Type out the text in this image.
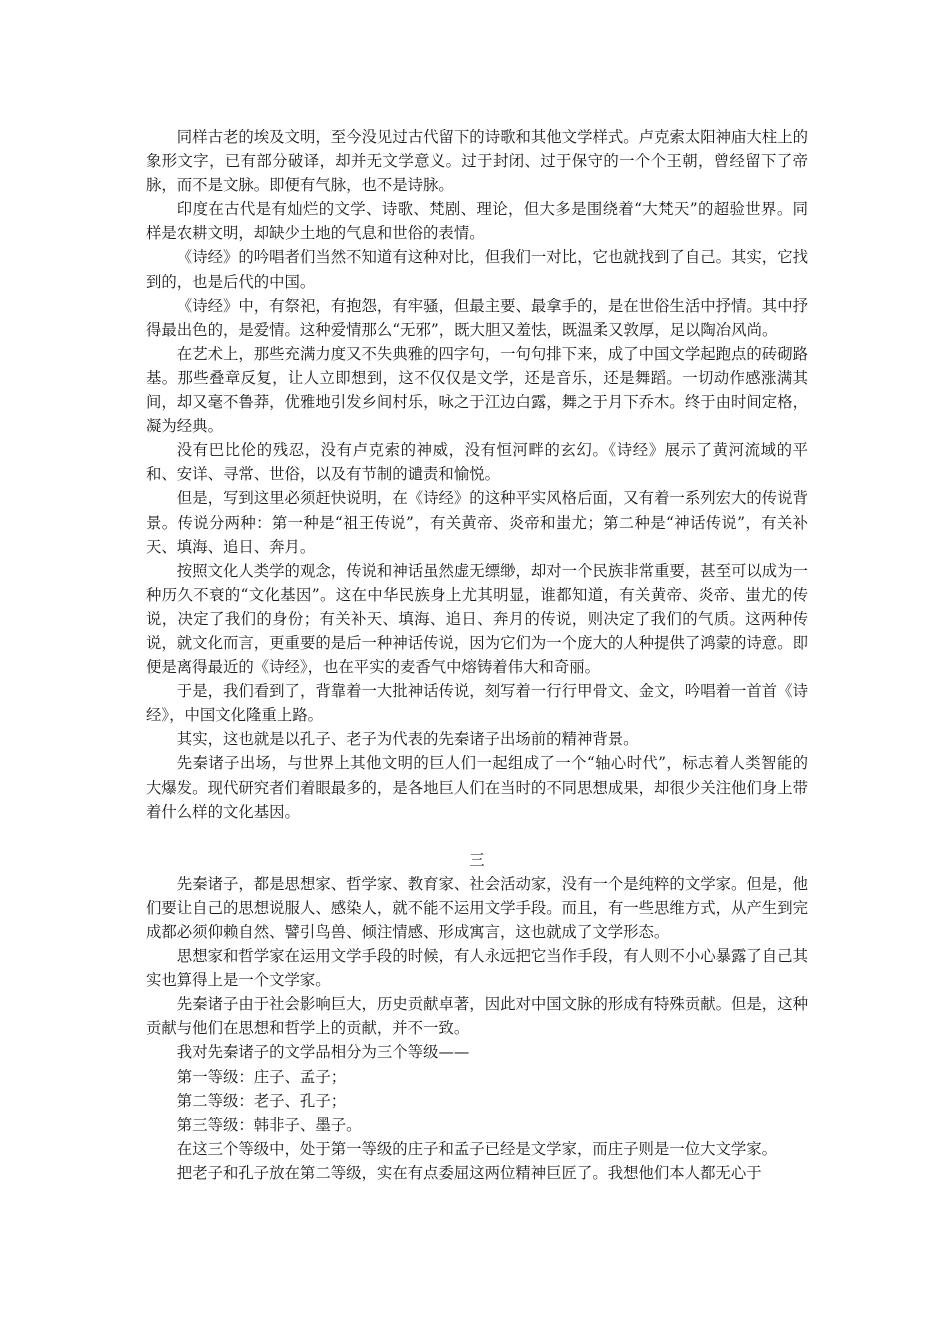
同样古老的埃及文明，至今没见过古代留下的诗歌和其他文学样式。卢克索太阳神庙大柱上的象形文字，已有部分破译，却并无文学意义。过于封闭、过于保守的一个个王朝，曾经留下了帝脉，而不是文脉。即便有气脉，也不是诗脉。

印度在古代是有灿烂的文学、诗歌、梵剧、理论，但大多是围绕着“大梵天”的超验世界。同样是农耕文明，却缺少土地的气息和世俗的表情。

《诗经》的吟唱者们当然不知道有这种对比，但我们一对比，它也就找到了自己。其实，它找到的，也是后代的中国。

《诗经》中，有祭祀，有抱怨，有牢骚，但最主要、最拿手的，是在世俗生活中抒情。其中抒得最出色的，是爱情。这种爱情那么“无邪”，既大胆又羞怯，既温柔又敦厚，足以陶冶风尚。

在艺术上，那些充满力度又不失典雅的四字句，一句句排下来，成了中国文学起跑点的砖砌路基。那些叠章反复，让人立即想到，这不仅仅是文学，还是音乐，还是舞蹈。一切动作感涨满其间，却又毫不鲁莽，优雅地引发乡间村乐，咏之于江边白露，舞之于月下乔木。终于由时间定格，凝为经典。

没有巴比伦的残忍，没有卢克索的神威，没有恒河畔的玄幻。《诗经》展示了黄河流域的平和、安详、寻常、世俗，以及有节制的谴责和愉悦。

但是，写到这里必须赶快说明，在《诗经》的这种平实风格后面，又有着一系列宏大的传说背景。传说分两种：第一种是“祖王传说”，有关黄帝、炎帝和蚩尤；第二种是“神话传说”，有关补天、填海、追日、奔月。

按照文化人类学的观念，传说和神话虽然虚无缥缈，却对一个民族非常重要，甚至可以成为一种历久不衰的“文化基因”。这在中华民族身上尤其明显，谁都知道，有关黄帝、炎帝、蚩尤的传说，决定了我们的身份；有关补天、填海、追日、奔月的传说，则决定了我们的气质。这两种传说，就文化而言，更重要的是后一种神话传说，因为它们为一个庞大的人种提供了鸿蒙的诗意。即便是离得最近的《诗经》，也在平实的麦香气中熔铸着伟大和奇丽。

于是，我们看到了，背靠着一大批神话传说，刻写着一行行甲骨文、金文，吟唱着一首首《诗经》，中国文化隆重上路。

其实，这也就是以孔子、老子为代表的先秦诸子出场前的精神背景。

先秦诸子出场，与世界上其他文明的巨人们一起组成了一个“轴心时代”，标志着人类智能的大爆发。现代研究者们着眼最多的，是各地巨人们在当时的不同思想成果，却很少关注他们身上带着什么样的文化基因。

三

先秦诸子，都是思想家、哲学家、教育家、社会活动家，没有一个是纯粹的文学家。但是，他们要让自己的思想说服人、感染人，就不能不运用文学手段。而且，有一些思维方式，从产生到完成都必须仰赖自然、譬引鸟兽、倾注情感、形成寓言，这也就成了文学形态。

思想家和哲学家在运用文学手段的时候，有人永远把它当作手段，有人则不小心暴露了自己其实也算得上是一个文学家。

先秦诸子由于社会影响巨大，历史贡献卓著，因此对中国文脉的形成有特殊贡献。但是，这种贡献与他们在思想和哲学上的贡献，并不一致。

我对先秦诸子的文学品相分为三个等级——

第一等级：庄子、孟子；

第二等级：老子、孔子；

第三等级：韩非子、墨子。

在这三个等级中，处于第一等级的庄子和孟子已经是文学家，而庄子则是一位大文学家。

把老子和孔子放在第二等级，实在有点委屈这两位精神巨匠了。我想他们本人都无心于
